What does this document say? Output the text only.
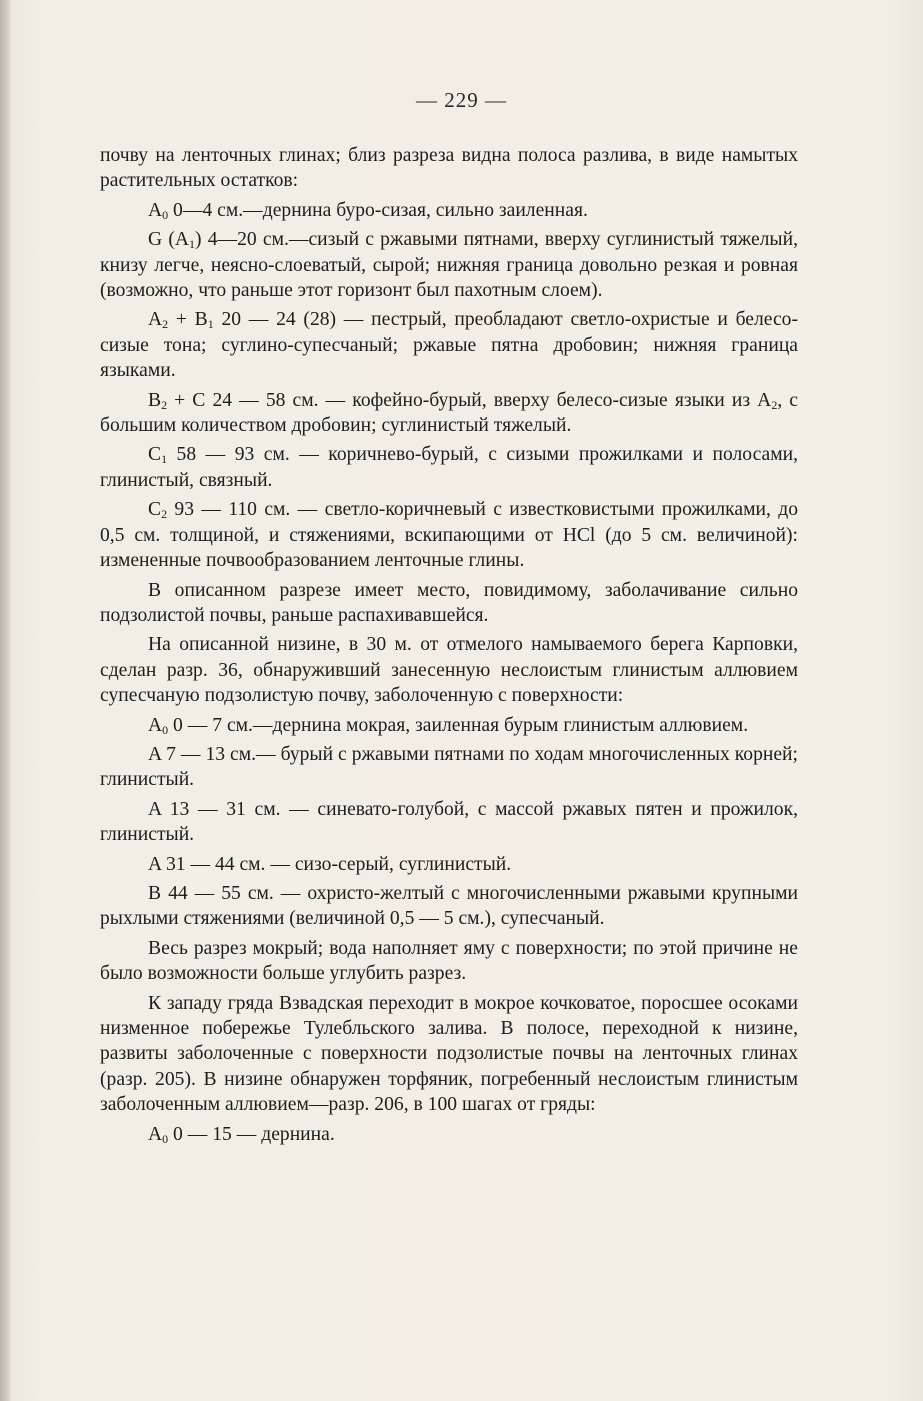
— 229 —

почву на ленточных глинах; близ разреза видна полоса разлива, в виде намытых растительных остатков:

$A_0$ 0—4 см.—дернина буро-сизая, сильно заиленная.

G $(A_1)$ 4—20 см.—сизый с ржавыми пятнами, вверху суглинистый тяжелый, книзу легче, неясно-слоеватый, сырой; нижняя граница довольно резкая и ровная (возможно, что раньше этот горизонт был пахотным слоем).

$A_2 + B_1$ 20 — 24 (28) — пестрый, преобладают светло-охристые и белесо-сизые тона; суглино-супесчаный; ржавые пятна дробовин; нижняя граница языками.

$B_2 + C$ 24 — 58 см. — кофейно-бурый, вверху белесо-сизые языки из $A_2$, с большим количеством дробовин; суглинистый тяжелый.

$C_1$ 58 — 93 см. — коричнево-бурый, с сизыми прожилками и полосами, глинистый, связный.

$C_2$ 93 — 110 см. — светло-коричневый с известковистыми прожилками, до 0,5 см. толщиной, и стяжениями, вскипающими от HCl (до 5 см. величиной): измененные почвообразованием ленточные глины.

В описанном разрезе имеет место, повидимому, заболачивание сильно подзолистой почвы, раньше распахивавшейся.

На описанной низине, в 30 м. от отмелого намываемого берега Карповки, сделан разр. 36, обнаруживший занесенную неслоистым глинистым аллювием супесчаную подзолистую почву, заболоченную с поверхности:

$A_0$ 0 — 7 см.—дернина мокрая, заиленная бурым глинистым аллювием.

A 7 — 13 см.— бурый с ржавыми пятнами по ходам многочисленных корней; глинистый.

A 13 — 31 см. — синевато-голубой, с массой ржавых пятен и прожилок, глинистый.

A 31 — 44 см. — сизо-серый, суглинистый.

B 44 — 55 см. — охристо-желтый с многочисленными ржавыми крупными рыхлыми стяжениями (величиной 0,5 — 5 см.), супесчаный.

Весь разрез мокрый; вода наполняет яму с поверхности; по этой причине не было возможности больше углубить разрез.

К западу гряда Взвадская переходит в мокрое кочковатое, поросшее осоками низменное побережье Тулебльского залива. В полосе, переходной к низине, развиты заболоченные с поверхности подзолистые почвы на ленточных глинах (разр. 205). В низине обнаружен торфяник, погребенный неслоистым глинистым заболоченным аллювием—разр. 206, в 100 шагах от гряды:

$A_0$ 0 — 15 — дернина.
